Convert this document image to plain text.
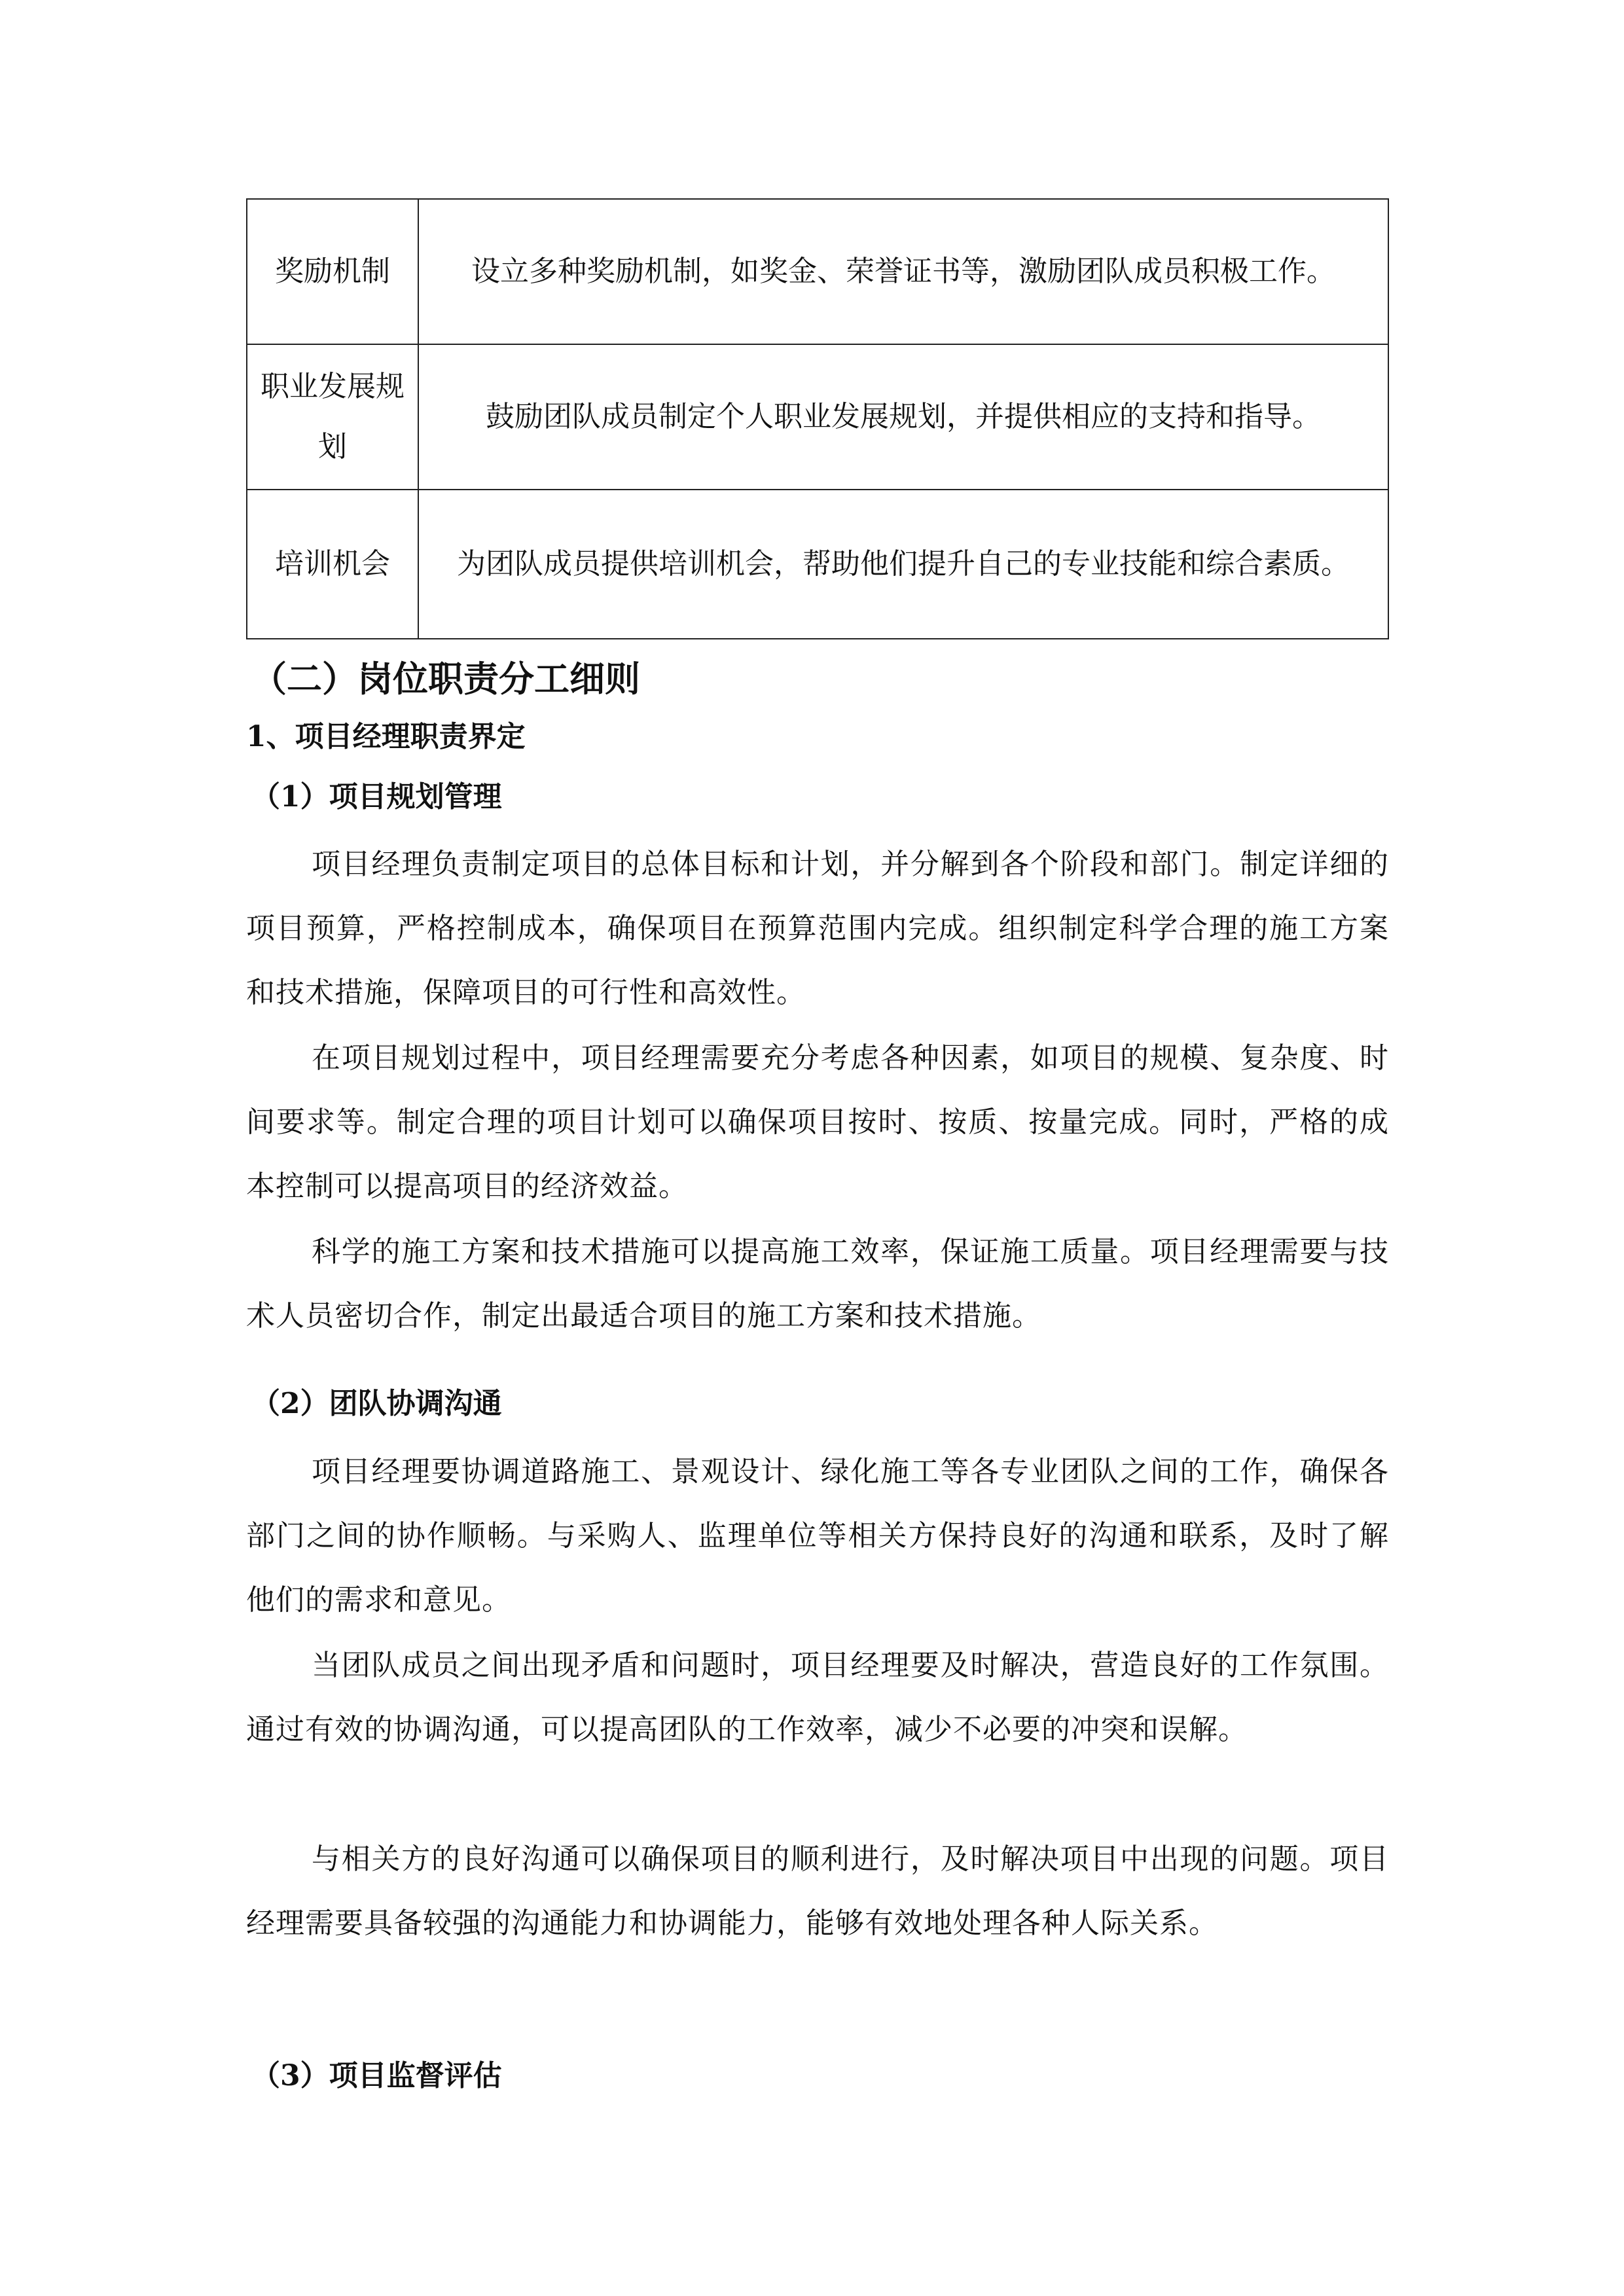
奖励机制	设立多种奖励机制，如奖金、荣誉证书等，激励团队成员积极工作。
职业发展规划	鼓励团队成员制定个人职业发展规划，并提供相应的支持和指导。
培训机会	为团队成员提供培训机会，帮助他们提升自己的专业技能和综合素质。
（二）岗位职责分工细则
1、项目经理职责界定
（1）项目规划管理

项目经理负责制定项目的总体目标和计划，并分解到各个阶段和部门。制定详细的项目预算，严格控制成本，确保项目在预算范围内完成。组织制定科学合理的施工方案和技术措施，保障项目的可行性和高效性。

在项目规划过程中，项目经理需要充分考虑各种因素，如项目的规模、复杂度、时间要求等。制定合理的项目计划可以确保项目按时、按质、按量完成。同时，严格的成本控制可以提高项目的经济效益。

科学的施工方案和技术措施可以提高施工效率，保证施工质量。项目经理需要与技术人员密切合作，制定出最适合项目的施工方案和技术措施。

（2）团队协调沟通

项目经理要协调道路施工、景观设计、绿化施工等各专业团队之间的工作，确保各部门之间的协作顺畅。与采购人、监理单位等相关方保持良好的沟通和联系，及时了解他们的需求和意见。

当团队成员之间出现矛盾和问题时，项目经理要及时解决，营造良好的工作氛围。通过有效的协调沟通，可以提高团队的工作效率，减少不必要的冲突和误解。

与相关方的良好沟通可以确保项目的顺利进行，及时解决项目中出现的问题。项目经理需要具备较强的沟通能力和协调能力，能够有效地处理各种人际关系。

（3）项目监督评估
